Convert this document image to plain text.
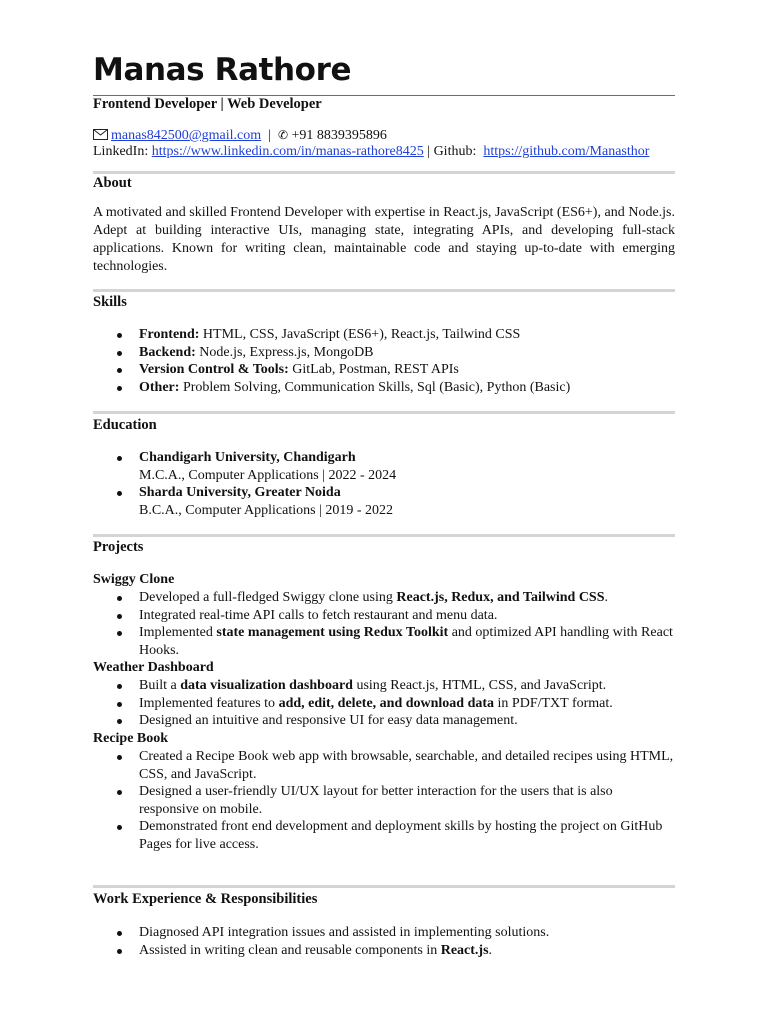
Manas Rathore
Frontend Developer | Web Developer
manas842500@gmail.com | ✆ +91 8839395896
LinkedIn: https://www.linkedin.com/in/manas-rathore8425 | Github: https://github.com/Manasthor
About
A motivated and skilled Frontend Developer with expertise in React.js, JavaScript (ES6+), and Node.js. Adept at building interactive UIs, managing state, integrating APIs, and developing full-stack applications. Known for writing clean, maintainable code and staying up-to-date with emerging technologies.
Skills
Frontend: HTML, CSS, JavaScript (ES6+), React.js, Tailwind CSS
Backend: Node.js, Express.js, MongoDB
Version Control & Tools: GitLab, Postman, REST APIs
Other: Problem Solving, Communication Skills, Sql (Basic), Python (Basic)
Education
Chandigarh University, Chandigarh
M.C.A., Computer Applications | 2022 - 2024
Sharda University, Greater Noida
B.C.A., Computer Applications | 2019 - 2022
Projects
Swiggy Clone
Developed a full-fledged Swiggy clone using React.js, Redux, and Tailwind CSS.
Integrated real-time API calls to fetch restaurant and menu data.
Implemented state management using Redux Toolkit and optimized API handling with React Hooks.
Weather Dashboard
Built a data visualization dashboard using React.js, HTML, CSS, and JavaScript.
Implemented features to add, edit, delete, and download data in PDF/TXT format.
Designed an intuitive and responsive UI for easy data management.
Recipe Book
Created a Recipe Book web app with browsable, searchable, and detailed recipes using HTML, CSS, and JavaScript.
Designed a user-friendly UI/UX layout for better interaction for the users that is also responsive on mobile.
Demonstrated front end development and deployment skills by hosting the project on GitHub Pages for live access.
Work Experience & Responsibilities
Diagnosed API integration issues and assisted in implementing solutions.
Assisted in writing clean and reusable components in React.js.
